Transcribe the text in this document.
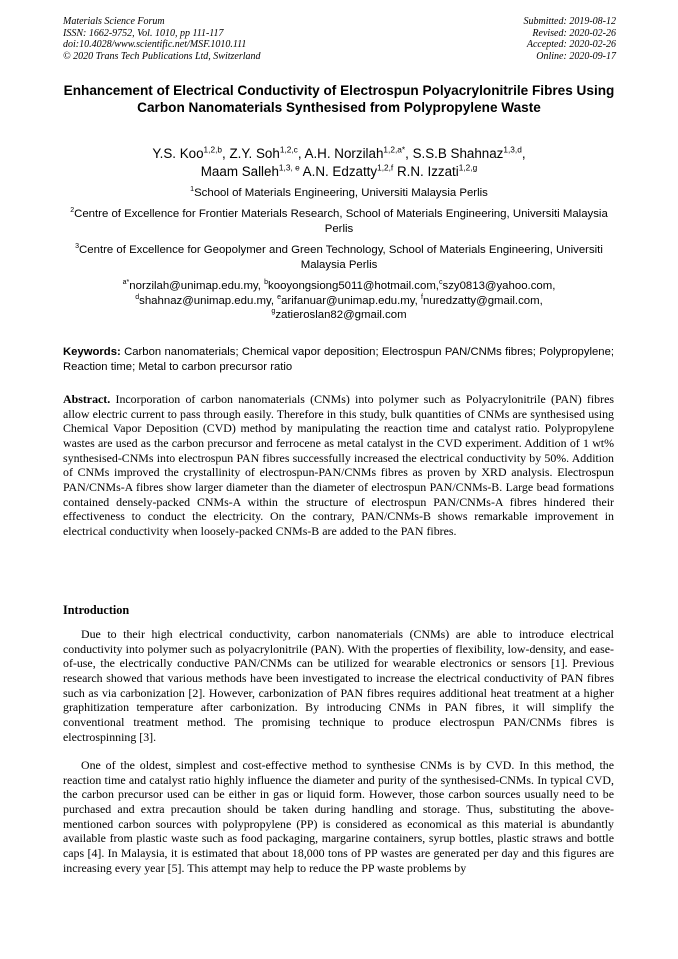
Materials Science Forum
ISSN: 1662-9752, Vol. 1010, pp 111-117
doi:10.4028/www.scientific.net/MSF.1010.111
© 2020 Trans Tech Publications Ltd, Switzerland
Submitted: 2019-08-12
Revised: 2020-02-26
Accepted: 2020-02-26
Online: 2020-09-17
Enhancement of Electrical Conductivity of Electrospun Polyacrylonitrile Fibres Using Carbon Nanomaterials Synthesised from Polypropylene Waste
Y.S. Koo$^{1,2,b}$, Z.Y. Soh$^{1,2,c}$, A.H. Norzilah$^{1,2,a*}$, S.S.B Shahnaz$^{1,3,d}$,
Maam Salleh$^{1,3, e}$ A.N. Edzatty$^{1,2,f}$ R.N. Izzati$^{1,2,g}$
$^1$School of Materials Engineering, Universiti Malaysia Perlis
$^2$Centre of Excellence for Frontier Materials Research, School of Materials Engineering, Universiti Malaysia Perlis
$^3$Centre of Excellence for Geopolymer and Green Technology, School of Materials Engineering, Universiti Malaysia Perlis
$^{a*}$norzilah@unimap.edu.my, $^b$kooyongsiong5011@hotmail.com,$^c$szy0813@yahoo.com,
$^d$shahnaz@unimap.edu.my, $^e$arifanuar@unimap.edu.my, $^f$nuredzatty@gmail.com,
$^g$zatieroslan82@gmail.com
Keywords: Carbon nanomaterials; Chemical vapor deposition; Electrospun PAN/CNMs fibres; Polypropylene; Reaction time; Metal to carbon precursor ratio
Abstract. Incorporation of carbon nanomaterials (CNMs) into polymer such as Polyacrylonitrile (PAN) fibres allow electric current to pass through easily. Therefore in this study, bulk quantities of CNMs are synthesised using Chemical Vapor Deposition (CVD) method by manipulating the reaction time and catalyst ratio. Polypropylene wastes are used as the carbon precursor and ferrocene as metal catalyst in the CVD experiment. Addition of 1 wt% synthesised-CNMs into electrospun PAN fibres successfully increased the electrical conductivity by 50%. Addition of CNMs improved the crystallinity of electrospun-PAN/CNMs fibres as proven by XRD analysis. Electrospun PAN/CNMs-A fibres show larger diameter than the diameter of electrospun PAN/CNMs-B. Large bead formations contained densely-packed CNMs-A within the structure of electrospun PAN/CNMs-A fibres hindered their effectiveness to conduct the electricity. On the contrary, PAN/CNMs-B shows remarkable improvement in electrical conductivity when loosely-packed CNMs-B are added to the PAN fibres.
Introduction

Due to their high electrical conductivity, carbon nanomaterials (CNMs) are able to introduce electrical conductivity into polymer such as polyacrylonitrile (PAN). With the properties of flexibility, low-density, and ease-of-use, the electrically conductive PAN/CNMs can be utilized for wearable electronics or sensors [1]. Previous research showed that various methods have been investigated to increase the electrical conductivity of PAN fibres such as via carbonization [2]. However, carbonization of PAN fibres requires additional heat treatment at a higher graphitization temperature after carbonization. By introducing CNMs in PAN fibres, it will simplify the conventional treatment method. The promising technique to produce electrospun PAN/CNMs fibres is electrospinning [3].

One of the oldest, simplest and cost-effective method to synthesise CNMs is by CVD. In this method, the reaction time and catalyst ratio highly influence the diameter and purity of the synthesised-CNMs. In typical CVD, the carbon precursor used can be either in gas or liquid form. However, those carbon sources usually need to be purchased and extra precaution should be taken during handling and storage. Thus, substituting the above-mentioned carbon sources with polypropylene (PP) is considered as economical as this material is abundantly available from plastic waste such as food packaging, margarine containers, syrup bottles, plastic straws and bottle caps [4]. In Malaysia, it is estimated that about 18,000 tons of PP wastes are generated per day and this figures are increasing every year [5]. This attempt may help to reduce the PP waste problems by
